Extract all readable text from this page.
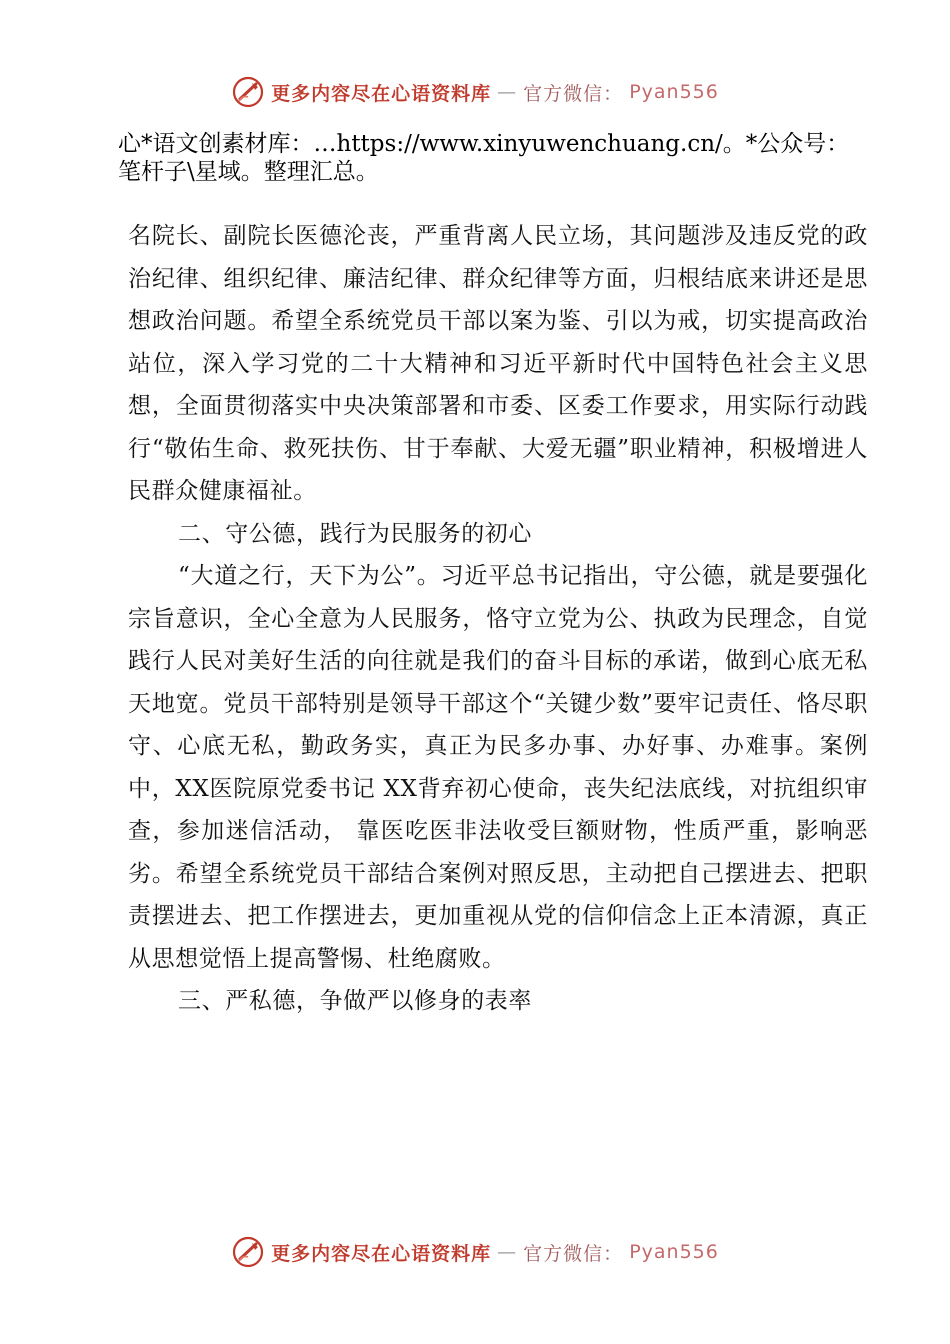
更多内容尽在心语资料库 — 官方微信： Pyan556
心*语文创素材库：…https://www.xinyuwenchuang.cn/。*公众号：笔杆子\星域。整理汇总。

名院长、副院长医德沦丧，严重背离人民立场，其问题涉及违反党的政治纪律、组织纪律、廉洁纪律、群众纪律等方面，归根结底来讲还是思想政治问题。希望全系统党员干部以案为鉴、引以为戒，切实提高政治站位，深入学习党的二十大精神和习近平新时代中国特色社会主义思想，全面贯彻落实中央决策部署和市委、区委工作要求，用实际行动践行“敬佑生命、救死扶伤、甘于奉献、大爱无疆”职业精神，积极增进人民群众健康福祉。

二、守公德，践行为民服务的初心

“大道之行，天下为公”。习近平总书记指出，守公德，就是要强化宗旨意识，全心全意为人民服务，恪守立党为公、执政为民理念，自觉践行人民对美好生活的向往就是我们的奋斗目标的承诺，做到心底无私天地宽。党员干部特别是领导干部这个“关键少数”要牢记责任、恪尽职守、心底无私，勤政务实，真正为民多办事、办好事、办难事。案例中，XX医院原党委书记 XX背弃初心使命，丧失纪法底线，对抗组织审查，参加迷信活动， 靠医吃医非法收受巨额财物，性质严重，影响恶劣。希望全系统党员干部结合案例对照反思，主动把自己摆进去、把职责摆进去、把工作摆进去，更加重视从党的信仰信念上正本清源，真正从思想觉悟上提高警惕、杜绝腐败。

三、严私德，争做严以修身的表率

更多内容尽在心语资料库 — 官方微信： Pyan556
